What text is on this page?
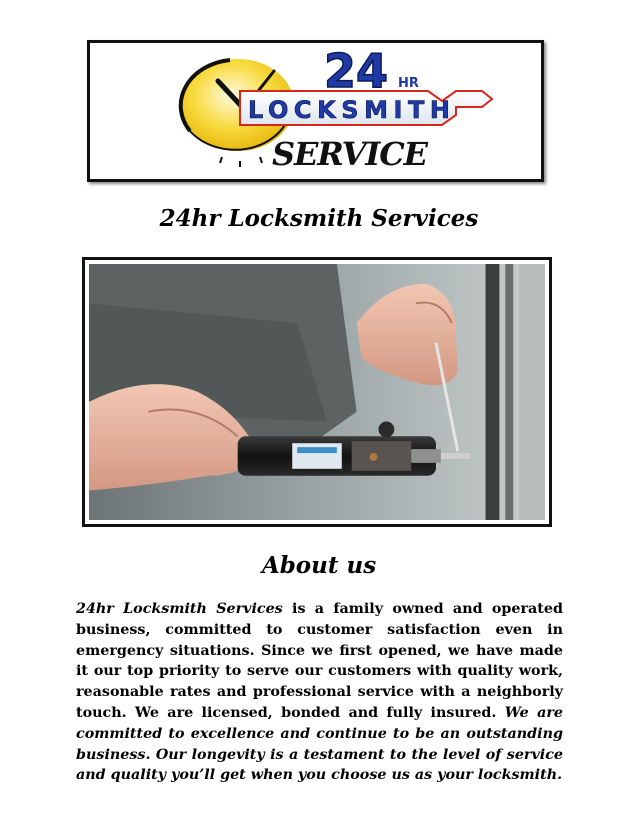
24 HR
LOCKSMITH
SERVICE
24hr Locksmith Services
About us
24hr Locksmith Services is a family owned and operated business, committed to customer satisfaction even in emergency situations. Since we first opened, we have made it our top priority to serve our customers with quality work, reasonable rates and professional service with a neighborly touch. We are licensed, bonded and fully insured. We are committed to excellence and continue to be an outstanding business. Our longevity is a testament to the level of service and quality you’ll get when you choose us as your locksmith.
